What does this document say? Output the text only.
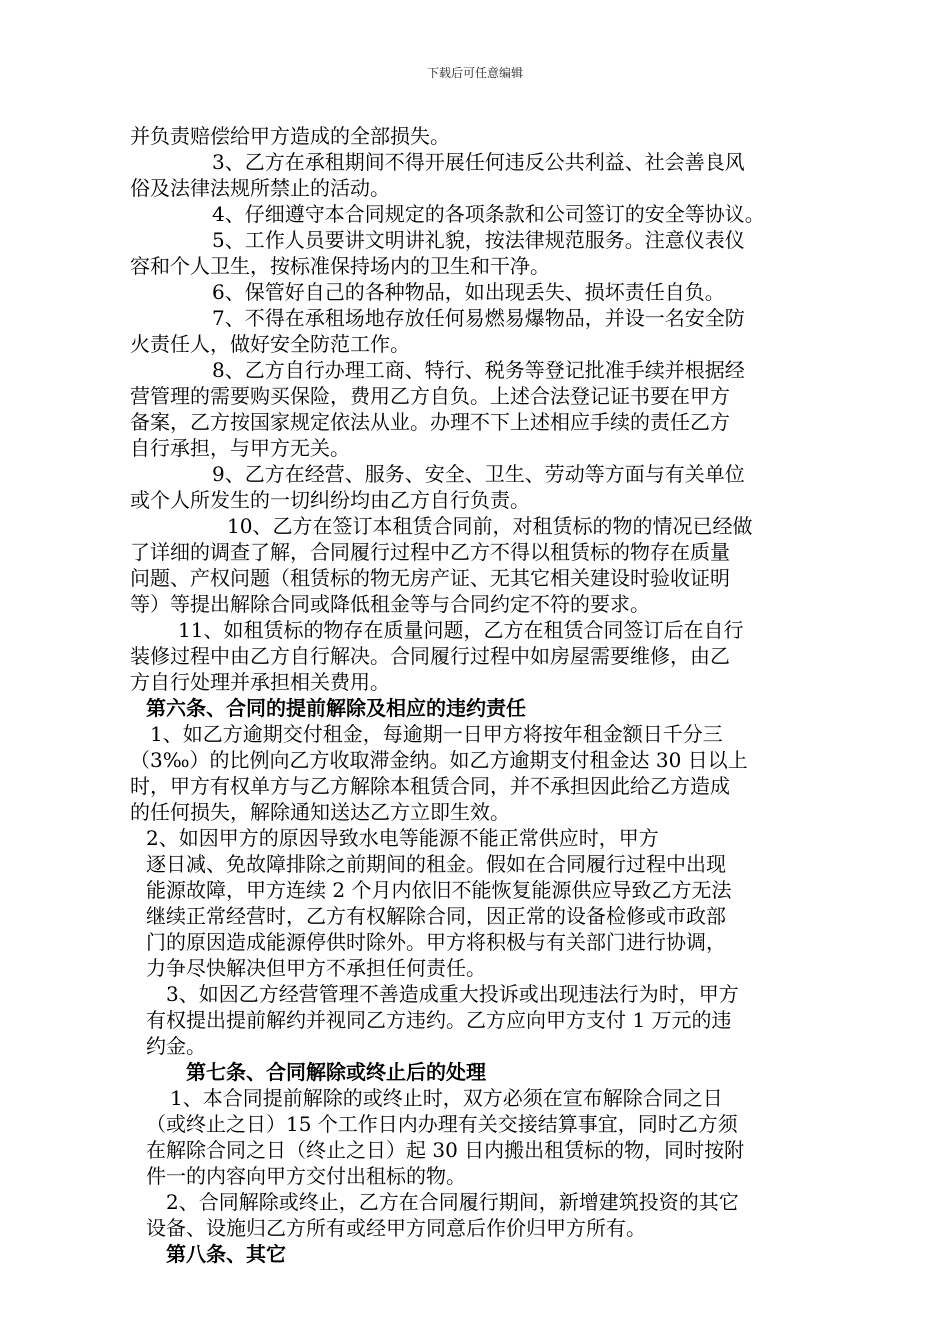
下载后可任意编辑
并负责赔偿给甲方造成的全部损失。
3、乙方在承租期间不得开展任何违反公共利益、社会善良风
俗及法律法规所禁止的活动。
4、仔细遵守本合同规定的各项条款和公司签订的安全等协议。
5、工作人员要讲文明讲礼貌，按法律规范服务。注意仪表仪
容和个人卫生，按标准保持场内的卫生和干净。
6、保管好自己的各种物品，如出现丢失、损坏责任自负。
7、不得在承租场地存放任何易燃易爆物品，并设一名安全防
火责任人，做好安全防范工作。
8、乙方自行办理工商、特行、税务等登记批准手续并根据经
营管理的需要购买保险，费用乙方自负。上述合法登记证书要在甲方
备案，乙方按国家规定依法从业。办理不下上述相应手续的责任乙方
自行承担，与甲方无关。
9、乙方在经营、服务、安全、卫生、劳动等方面与有关单位
或个人所发生的一切纠纷均由乙方自行负责。
10、乙方在签订本租赁合同前，对租赁标的物的情况已经做
了详细的调查了解，合同履行过程中乙方不得以租赁标的物存在质量
问题、产权问题（租赁标的物无房产证、无其它相关建设时验收证明
等）等提出解除合同或降低租金等与合同约定不符的要求。
11、如租赁标的物存在质量问题，乙方在租赁合同签订后在自行
装修过程中由乙方自行解决。合同履行过程中如房屋需要维修，由乙
方自行处理并承担相关费用。
第六条、合同的提前解除及相应的违约责任
1、如乙方逾期交付租金，每逾期一日甲方将按年租金额日千分三
（3‰）的比例向乙方收取滞金纳。如乙方逾期支付租金达 30 日以上
时，甲方有权单方与乙方解除本租赁合同，并不承担因此给乙方造成
的任何损失，解除通知送达乙方立即生效。
2、如因甲方的原因导致水电等能源不能正常供应时，甲方
逐日减、免故障排除之前期间的租金。假如在合同履行过程中出现
能源故障，甲方连续 2 个月内依旧不能恢复能源供应导致乙方无法
继续正常经营时，乙方有权解除合同，因正常的设备检修或市政部
门的原因造成能源停供时除外。甲方将积极与有关部门进行协调，
力争尽快解决但甲方不承担任何责任。
3、如因乙方经营管理不善造成重大投诉或出现违法行为时，甲方
有权提出提前解约并视同乙方违约。乙方应向甲方支付 1 万元的违
约金。
第七条、合同解除或终止后的处理
1、本合同提前解除的或终止时，双方必须在宣布解除合同之日
（或终止之日）15 个工作日内办理有关交接结算事宜，同时乙方须
在解除合同之日（终止之日）起 30 日内搬出租赁标的物，同时按附
件一的内容向甲方交付出租标的物。
2、合同解除或终止，乙方在合同履行期间，新增建筑投资的其它
设备、设施归乙方所有或经甲方同意后作价归甲方所有。
第八条、其它
